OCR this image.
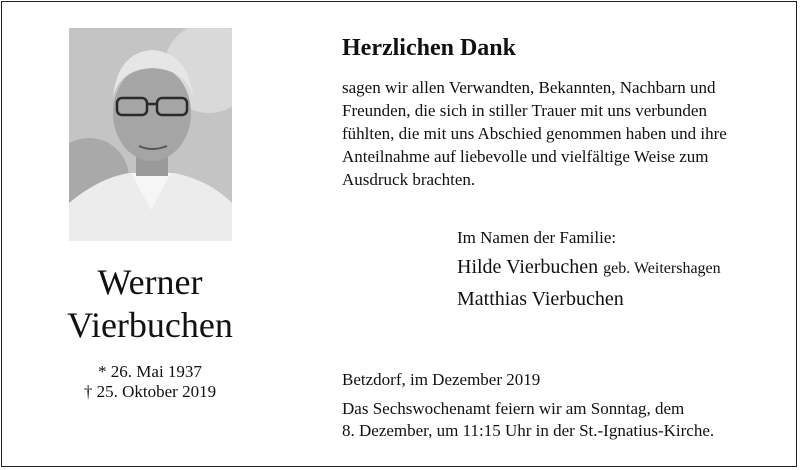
Werner
Vierbuchen
* 26. Mai 1937
† 25. Oktober 2019
Herzlichen Dank
sagen wir allen Verwandten, Bekannten, Nachbarn und
Freunden, die sich in stiller Trauer mit uns verbunden
fühlten, die mit uns Abschied genommen haben und ihre
Anteilnahme auf liebevolle und vielfältige Weise zum
Ausdruck brachten.
Im Namen der Familie:
Hilde Vierbuchen geb. Weitershagen
Matthias Vierbuchen
Betzdorf, im Dezember 2019
Das Sechswochenamt feiern wir am Sonntag, dem
8. Dezember, um 11:15 Uhr in der St.-Ignatius-Kirche.
